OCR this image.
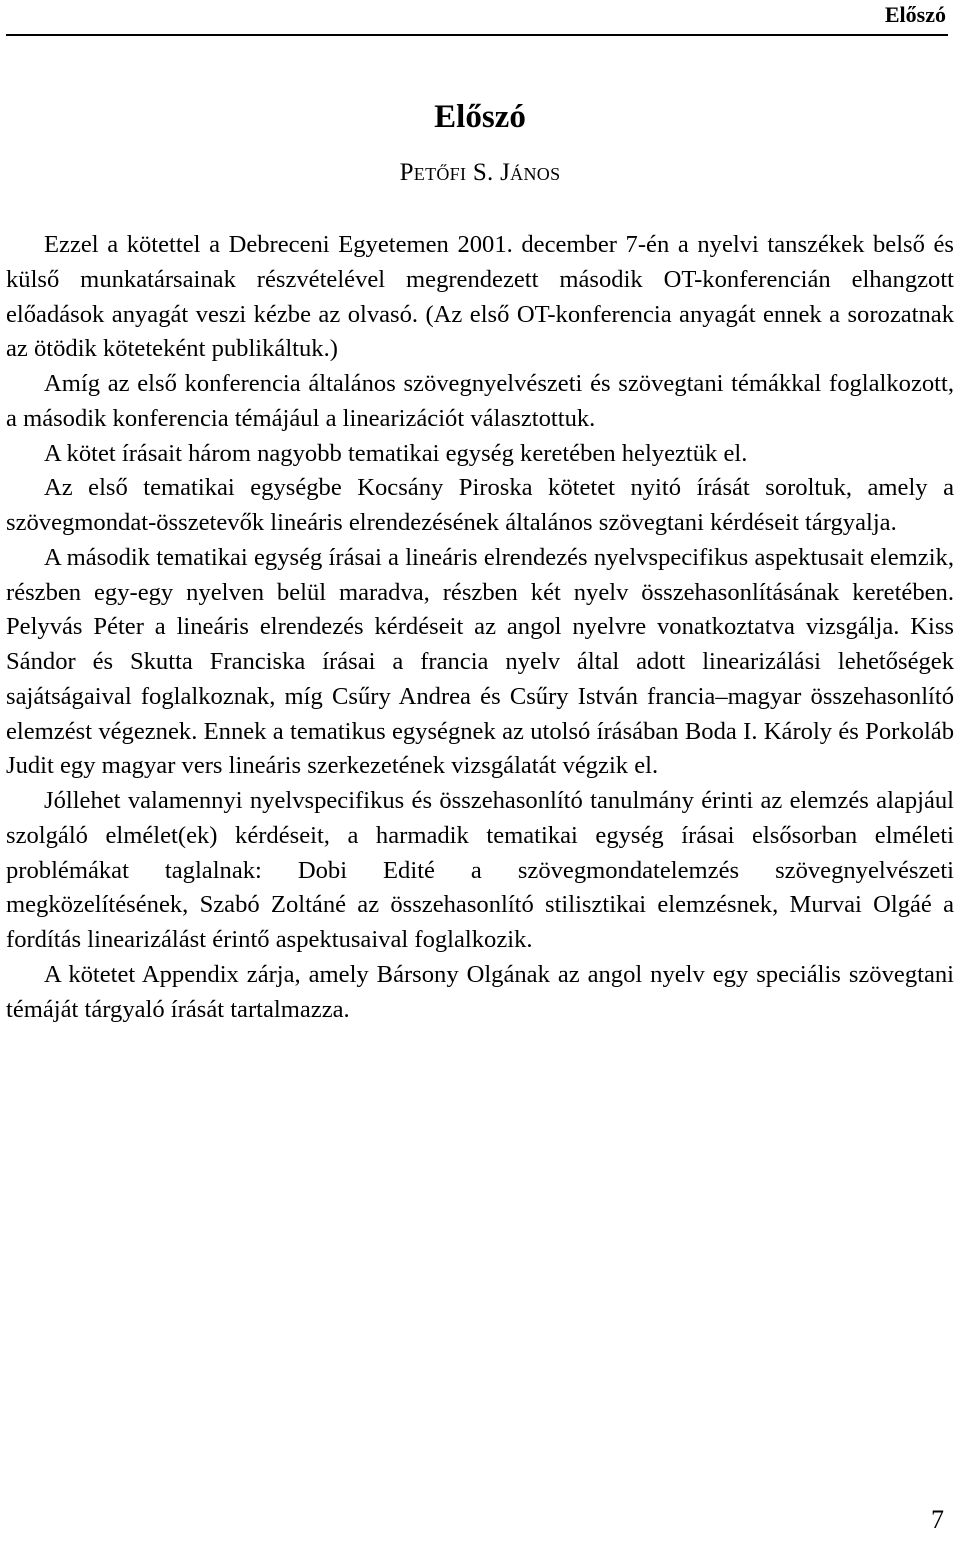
Előszó
Előszó
Petőfi S. János

Ezzel a kötettel a Debreceni Egyetemen 2001. december 7-én a nyelvi tanszékek belső és külső munkatársainak részvételével megrendezett második OT-konferencián elhangzott előadások anyagát veszi kézbe az olvasó. (Az első OT-konferencia anyagát ennek a sorozatnak az ötödik köteteként publikáltuk.)

Amíg az első konferencia általános szövegnyelvészeti és szövegtani témákkal foglalkozott, a második konferencia témájául a linearizációt választottuk.

A kötet írásait három nagyobb tematikai egység keretében helyeztük el.

Az első tematikai egységbe Kocsány Piroska kötetet nyitó írását soroltuk, amely a szövegmondat-összetevők lineáris elrendezésének általános szövegtani kérdéseit tárgyalja.

A második tematikai egység írásai a lineáris elrendezés nyelvspecifikus aspektusait elemzik, részben egy-egy nyelven belül maradva, részben két nyelv összehasonlításának keretében. Pelyvás Péter a lineáris elrendezés kérdéseit az angol nyelvre vonatkoztatva vizsgálja. Kiss Sándor és Skutta Franciska írásai a francia nyelv által adott linearizálási lehetőségek sajátságaival foglalkoznak, míg Csűry Andrea és Csűry István francia–magyar összehasonlító elemzést végeznek. Ennek a tematikus egységnek az utolsó írásában Boda I. Károly és Porkoláb Judit egy magyar vers lineáris szerkezetének vizsgálatát végzik el.

Jóllehet valamennyi nyelvspecifikus és összehasonlító tanulmány érinti az elemzés alapjául szolgáló elmélet(ek) kérdéseit, a harmadik tematikai egység írásai elsősorban elméleti problémákat taglalnak: Dobi Edité a szövegmondatelemzés szövegnyelvészeti megközelítésének, Szabó Zoltáné az összehasonlító stilisztikai elemzésnek, Murvai Olgáé a fordítás linearizálást érintő aspektusaival foglalkozik.

A kötetet Appendix zárja, amely Bársony Olgának az angol nyelv egy speciális szövegtani témáját tárgyaló írását tartalmazza.

7
